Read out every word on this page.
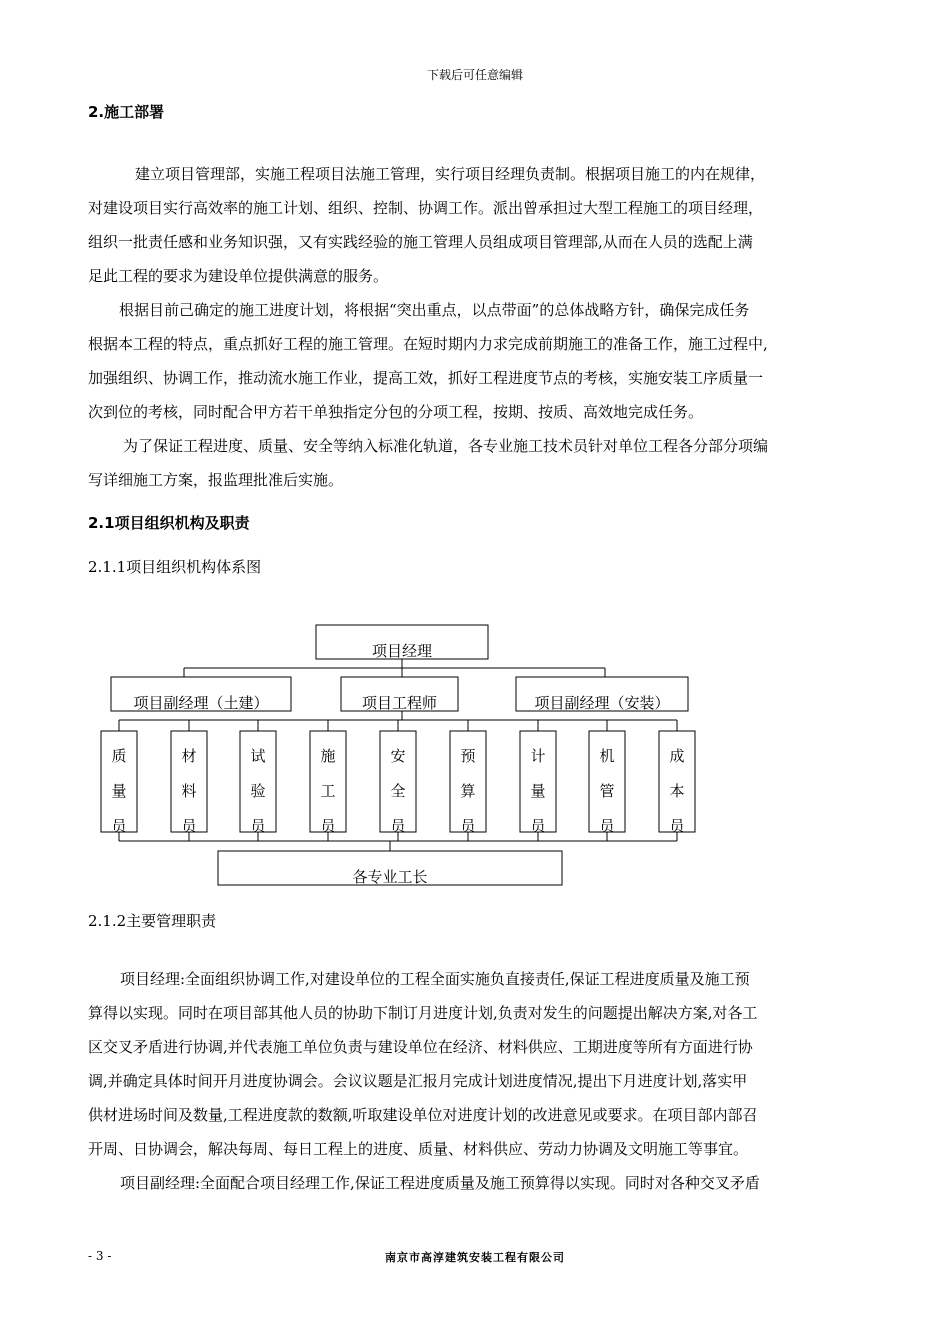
下载后可任意编辑
2.施工部署
建立项目管理部，实施工程项目法施工管理，实行项目经理负责制。根据项目施工的内在规律，
对建设项目实行高效率的施工计划、组织、控制、协调工作。派出曾承担过大型工程施工的项目经理，
组织一批责任感和业务知识强，又有实践经验的施工管理人员组成项目管理部,从而在人员的选配上满
足此工程的要求为建设单位提供满意的服务。
根据目前己确定的施工进度计划，将根据“突出重点，以点带面”的总体战略方针，确保完成任务
根据本工程的特点，重点抓好工程的施工管理。在短时期内力求完成前期施工的准备工作，施工过程中,
加强组织、协调工作，推动流水施工作业，提高工效，抓好工程进度节点的考核，实施安装工序质量一
次到位的考核，同时配合甲方若干单独指定分包的分项工程，按期、按质、高效地完成任务。
为了保证工程进度、质量、安全等纳入标准化轨道，各专业施工技术员针对单位工程各分部分项编
写详细施工方案，报监理批准后实施。
2.1项目组织机构及职责
2.1.1项目组织机构体系图
项目经理
项目副经理（土建）	项目工程师	项目副经理（安装）
质
量
员
材
料
员
试
验
员
施
工
员
安
全
员
预
算
员
计
量
员
机
管
员
成
本
员
各专业工长
2.1.2主要管理职责
项目经理:全面组织协调工作,对建设单位的工程全面实施负直接责任,保证工程进度质量及施工预
算得以实现。同时在项目部其他人员的协助下制订月进度计划,负责对发生的问题提出解决方案,对各工
区交叉矛盾进行协调,并代表施工单位负责与建设单位在经济、材料供应、工期进度等所有方面进行协
调,并确定具体时间开月进度协调会。会议议题是汇报月完成计划进度情况,提出下月进度计划,落实甲
供材进场时间及数量,工程进度款的数额,听取建设单位对进度计划的改进意见或要求。在项目部内部召
开周、日协调会，解决每周、每日工程上的进度、质量、材料供应、劳动力协调及文明施工等事宜。
项目副经理:全面配合项目经理工作,保证工程进度质量及施工预算得以实现。同时对各种交叉矛盾
- 3 -	南京市高淳建筑安装工程有限公司
